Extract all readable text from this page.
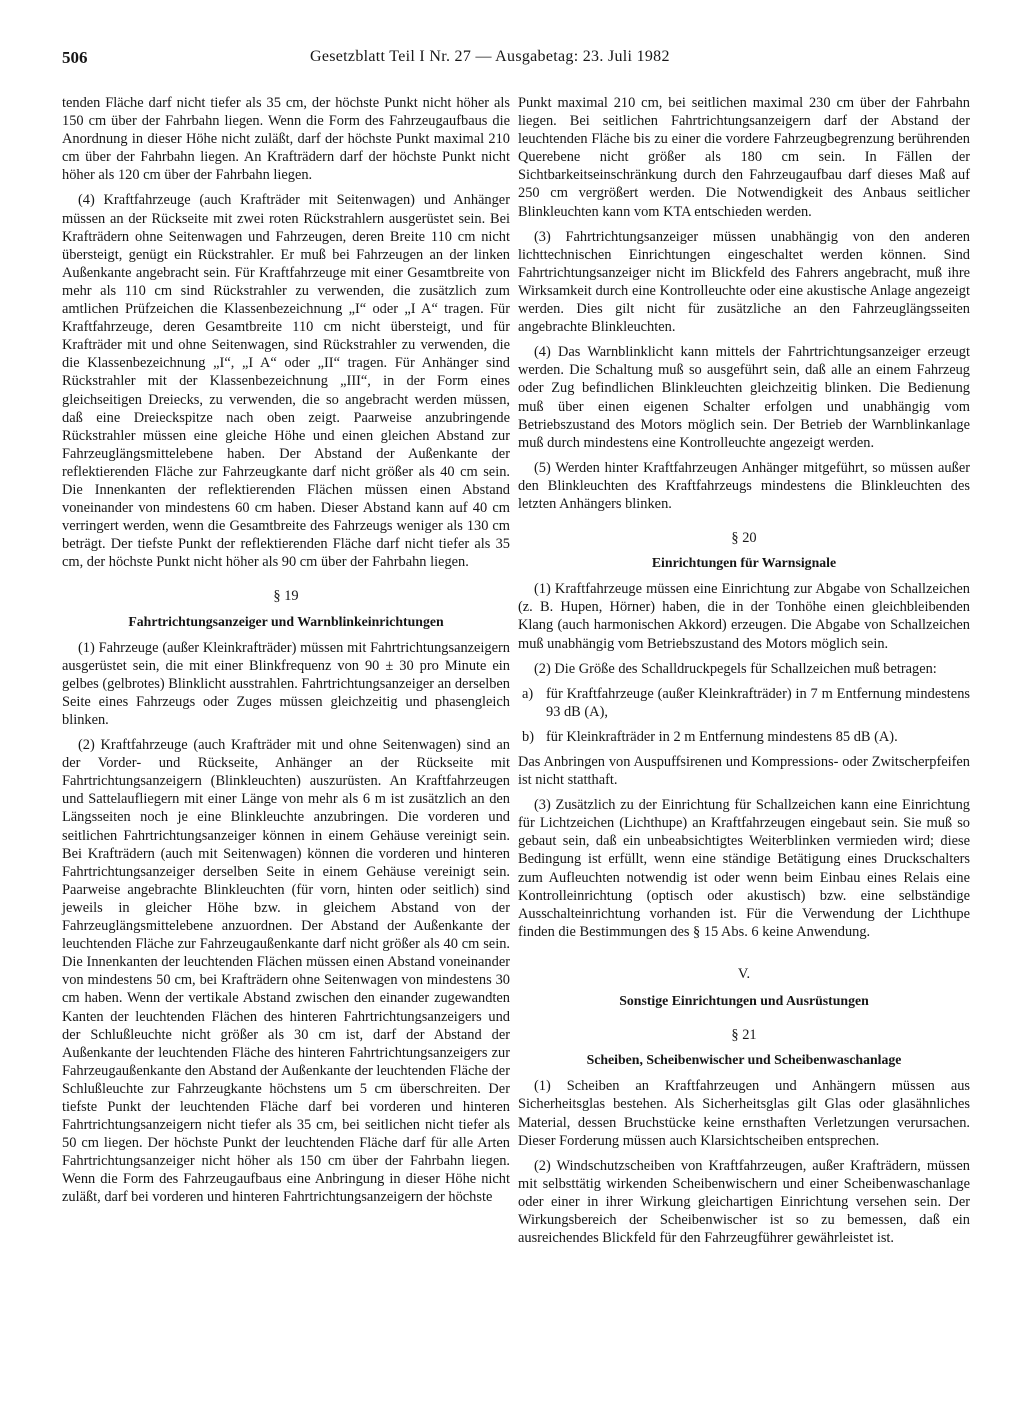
506	Gesetzblatt Teil I Nr. 27 — Ausgabetag: 23. Juli 1982

tenden Fläche darf nicht tiefer als 35 cm, der höchste Punkt nicht höher als 150 cm über der Fahrbahn liegen. Wenn die Form des Fahrzeugaufbaus die Anordnung in dieser Höhe nicht zuläßt, darf der höchste Punkt maximal 210 cm über der Fahrbahn liegen. An Krafträdern darf der höchste Punkt nicht höher als 120 cm über der Fahrbahn liegen.

(4) Kraftfahrzeuge (auch Krafträder mit Seitenwagen) und Anhänger müssen an der Rückseite mit zwei roten Rückstrahlern ausgerüstet sein. Bei Krafträdern ohne Seitenwagen und Fahrzeugen, deren Breite 110 cm nicht übersteigt, genügt ein Rückstrahler. Er muß bei Fahrzeugen an der linken Außenkante angebracht sein. Für Kraftfahrzeuge mit einer Gesamtbreite von mehr als 110 cm sind Rückstrahler zu verwenden, die zusätzlich zum amtlichen Prüfzeichen die Klassenbezeichnung „I“ oder „I A“ tragen. Für Kraftfahrzeuge, deren Gesamtbreite 110 cm nicht übersteigt, und für Krafträder mit und ohne Seitenwagen, sind Rückstrahler zu verwenden, die die Klassenbezeichnung „I“, „I A“ oder „II“ tragen. Für Anhänger sind Rückstrahler mit der Klassenbezeichnung „III“, in der Form eines gleichseitigen Dreiecks, zu verwenden, die so angebracht werden müssen, daß eine Dreieckspitze nach oben zeigt. Paarweise anzubringende Rückstrahler müssen eine gleiche Höhe und einen gleichen Abstand zur Fahrzeuglängsmittelebene haben. Der Abstand der Außenkante der reflektierenden Fläche zur Fahrzeugkante darf nicht größer als 40 cm sein. Die Innenkanten der reflektierenden Flächen müssen einen Abstand voneinander von mindestens 60 cm haben. Dieser Abstand kann auf 40 cm verringert werden, wenn die Gesamtbreite des Fahrzeugs weniger als 130 cm beträgt. Der tiefste Punkt der reflektierenden Fläche darf nicht tiefer als 35 cm, der höchste Punkt nicht höher als 90 cm über der Fahrbahn liegen.

§ 19
Fahrtrichtungsanzeiger und Warnblinkeinrichtungen

(1) Fahrzeuge (außer Kleinkrafträder) müssen mit Fahrtrichtungsanzeigern ausgerüstet sein, die mit einer Blinkfrequenz von 90 ± 30 pro Minute ein gelbes (gelbrotes) Blinklicht ausstrahlen. Fahrtrichtungsanzeiger an derselben Seite eines Fahrzeugs oder Zuges müssen gleichzeitig und phasengleich blinken.

(2) Kraftfahrzeuge (auch Krafträder mit und ohne Seitenwagen) sind an der Vorder- und Rückseite, Anhänger an der Rückseite mit Fahrtrichtungsanzeigern (Blinkleuchten) auszurüsten. An Kraftfahrzeugen und Sattelaufliegern mit einer Länge von mehr als 6 m ist zusätzlich an den Längsseiten noch je eine Blinkleuchte anzubringen. Die vorderen und seitlichen Fahrtrichtungsanzeiger können in einem Gehäuse vereinigt sein. Bei Krafträdern (auch mit Seitenwagen) können die vorderen und hinteren Fahrtrichtungsanzeiger derselben Seite in einem Gehäuse vereinigt sein. Paarweise angebrachte Blinkleuchten (für vorn, hinten oder seitlich) sind jeweils in gleicher Höhe bzw. in gleichem Abstand von der Fahrzeuglängsmittelebene anzuordnen. Der Abstand der Außenkante der leuchtenden Fläche zur Fahrzeugaußenkante darf nicht größer als 40 cm sein. Die Innenkanten der leuchtenden Flächen müssen einen Abstand voneinander von mindestens 50 cm, bei Krafträdern ohne Seitenwagen von mindestens 30 cm haben. Wenn der vertikale Abstand zwischen den einander zugewandten Kanten der leuchtenden Flächen des hinteren Fahrtrichtungsanzeigers und der Schlußleuchte nicht größer als 30 cm ist, darf der Abstand der Außenkante der leuchtenden Fläche des hinteren Fahrtrichtungsanzeigers zur Fahrzeugaußenkante den Abstand der Außenkante der leuchtenden Fläche der Schlußleuchte zur Fahrzeugkante höchstens um 5 cm überschreiten. Der tiefste Punkt der leuchtenden Fläche darf bei vorderen und hinteren Fahrtrichtungsanzeigern nicht tiefer als 35 cm, bei seitlichen nicht tiefer als 50 cm liegen. Der höchste Punkt der leuchtenden Fläche darf für alle Arten Fahrtrichtungsanzeiger nicht höher als 150 cm über der Fahrbahn liegen. Wenn die Form des Fahrzeugaufbaus eine Anbringung in dieser Höhe nicht zuläßt, darf bei vorderen und hinteren Fahrtrichtungsanzeigern der höchste

Punkt maximal 210 cm, bei seitlichen maximal 230 cm über der Fahrbahn liegen. Bei seitlichen Fahrtrichtungsanzeigern darf der Abstand der leuchtenden Fläche bis zu einer die vordere Fahrzeugbegrenzung berührenden Querebene nicht größer als 180 cm sein. In Fällen der Sichtbarkeitseinschränkung durch den Fahrzeugaufbau darf dieses Maß auf 250 cm vergrößert werden. Die Notwendigkeit des Anbaus seitlicher Blinkleuchten kann vom KTA entschieden werden.

(3) Fahrtrichtungsanzeiger müssen unabhängig von den anderen lichttechnischen Einrichtungen eingeschaltet werden können. Sind Fahrtrichtungsanzeiger nicht im Blickfeld des Fahrers angebracht, muß ihre Wirksamkeit durch eine Kontrolleuchte oder eine akustische Anlage angezeigt werden. Dies gilt nicht für zusätzliche an den Fahrzeuglängsseiten angebrachte Blinkleuchten.

(4) Das Warnblinklicht kann mittels der Fahrtrichtungsanzeiger erzeugt werden. Die Schaltung muß so ausgeführt sein, daß alle an einem Fahrzeug oder Zug befindlichen Blinkleuchten gleichzeitig blinken. Die Bedienung muß über einen eigenen Schalter erfolgen und unabhängig vom Betriebszustand des Motors möglich sein. Der Betrieb der Warnblinkanlage muß durch mindestens eine Kontrolleuchte angezeigt werden.

(5) Werden hinter Kraftfahrzeugen Anhänger mitgeführt, so müssen außer den Blinkleuchten des Kraftfahrzeugs mindestens die Blinkleuchten des letzten Anhängers blinken.

§ 20
Einrichtungen für Warnsignale

(1) Kraftfahrzeuge müssen eine Einrichtung zur Abgabe von Schallzeichen (z. B. Hupen, Hörner) haben, die in der Tonhöhe einen gleichbleibenden Klang (auch harmonischen Akkord) erzeugen. Die Abgabe von Schallzeichen muß unabhängig vom Betriebszustand des Motors möglich sein.

(2) Die Größe des Schalldruckpegels für Schallzeichen muß betragen:

a) für Kraftfahrzeuge (außer Kleinkrafträder) in 7 m Entfernung mindestens 93 dB (A),

b) für Kleinkrafträder in 2 m Entfernung mindestens 85 dB (A).

Das Anbringen von Auspuffsirenen und Kompressions- oder Zwitscherpfeifen ist nicht statthaft.

(3) Zusätzlich zu der Einrichtung für Schallzeichen kann eine Einrichtung für Lichtzeichen (Lichthupe) an Kraftfahrzeugen eingebaut sein. Sie muß so gebaut sein, daß ein unbeabsichtigtes Weiterblinken vermieden wird; diese Bedingung ist erfüllt, wenn eine ständige Betätigung eines Druckschalters zum Aufleuchten notwendig ist oder wenn beim Einbau eines Relais eine Kontrolleinrichtung (optisch oder akustisch) bzw. eine selbständige Ausschalteinrichtung vorhanden ist. Für die Verwendung der Lichthupe finden die Bestimmungen des § 15 Abs. 6 keine Anwendung.

V.
Sonstige Einrichtungen und Ausrüstungen
§ 21
Scheiben, Scheibenwischer und Scheibenwaschanlage

(1) Scheiben an Kraftfahrzeugen und Anhängern müssen aus Sicherheitsglas bestehen. Als Sicherheitsglas gilt Glas oder glasähnliches Material, dessen Bruchstücke keine ernsthaften Verletzungen verursachen. Dieser Forderung müssen auch Klarsichtscheiben entsprechen.

(2) Windschutzscheiben von Kraftfahrzeugen, außer Krafträdern, müssen mit selbsttätig wirkenden Scheibenwischern und einer Scheibenwaschanlage oder einer in ihrer Wirkung gleichartigen Einrichtung versehen sein. Der Wirkungsbereich der Scheibenwischer ist so zu bemessen, daß ein ausreichendes Blickfeld für den Fahrzeugführer gewährleistet ist.
